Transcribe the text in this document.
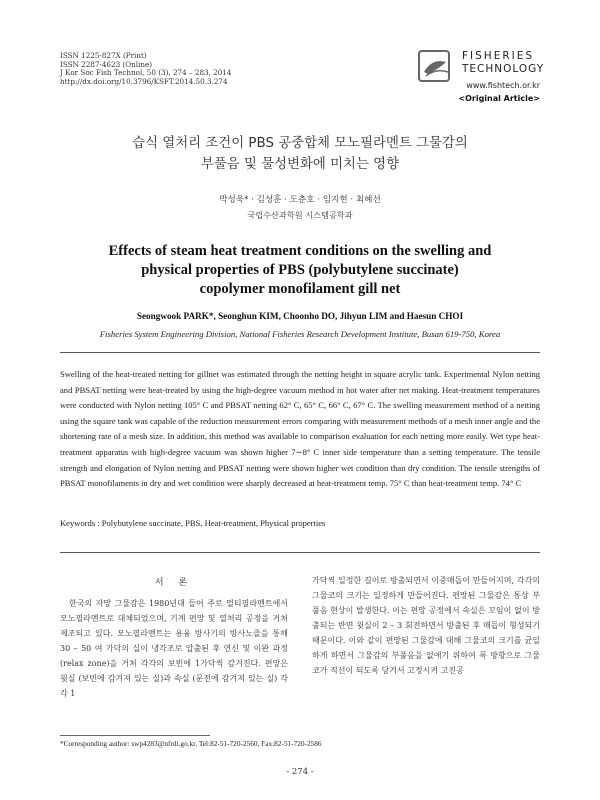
ISSN 1225-827X (Print)
ISSN 2287-4623 (Online)
J Kor Soc Fish Technol, 50 (3), 274 – 283, 2014
http://dx.doi.org/10.3796/KSFT.2014.50.3.274
FISHERIES
TECHNOLOGY
www.fishtech.or.kr
<Original Article>
습식 열처리 조건이 PBS 공중합체 모노필라멘트 그물감의
부풀음 및 물성변화에 미치는 영향
박성욱* · 김성훈 · 도춘호 · 임지현 · 최혜선
국립수산과학원 시스템공학과
Effects of steam heat treatment conditions on the swelling and
physical properties of PBS (polybutylene succinate)
copolymer monofilament gill net
Seongwook PARK*, Seonghun KIM, Choonho DO, Jihyun LIM and Haesun CHOI
Fisheries System Engineering Division, National Fisheries Research Development Institute, Busan 619-750, Korea
Swelling of the heat-treated netting for gillnet was estimated through the netting height in square acrylic tank. Experimental Nylon netting and PBSAT netting were heat-treated by using the high-degree vacuum method in hot water after net making. Heat-treatment temperatures were conducted with Nylon netting 105° C and PBSAT netting 62° C, 65° C, 66° C, 67° C. The swelling measurement method of a netting using the square tank was capable of the reduction measurement errors comparing with measurement methods of a mesh inner angle and the shortening rate of a mesh size. In addition, this method was available to comparison evaluation for each netting more easily. Wet type heat-treatment apparatus with high-degree vacuum was shown higher 7∼8° C inner side temperature than a setting temperature. The tensile strength and elongation of Nylon netting and PBSAT netting were shown higher wet condition than dry condition. The tensile strengths of PBSAT monofilaments in dry and wet condition were sharply decreased at heat-treatment temp. 75° C than heat-treatment temp. 74° C
Keywords : Polybutylene succinate, PBS, Heat-treatment, Physical properties
서 론

한국의 자망 그물감은 1980년대 들어 주로 멀티필라멘트에서 모노필라멘트로 대체되었으며, 기계 편망 및 열처리 공정을 거쳐 제조되고 있다. 모노필라멘트는 용융 방사기의 방사노즐을 통해 30 – 50 여 가닥의 실이 냉각조로 압출된 후 연신 및 이완 과정 (relax zone)을 거쳐 각각의 보빈에 1가닥씩 감겨진다. 편망은 윗실 (보빈에 감겨져 있는 실)과 속실 (문전에 감겨져 있는 실) 각각 1

가닥씩 일정한 길이로 방출되면서 이중매듭이 만들어지며, 각각의 그물코의 크기는 일정하게 만들어진다. 편망된 그물감은 통상 부풀음 현상이 발생한다. 이는 편망 공정에서 속실은 꼬임이 없이 방출되는 반면 윗실이 2 – 3 회전하면서 방출된 후 매듭이 형성되기 때문이다. 이와 같이 편망된 그물감에 대해 그물코의 크기를 균일하게 하면서 그물감의 부풀음을 없애기 위하여 폭 방향으로 그물코가 직선이 되도록 당겨서 고정시켜 고진공

*Corresponding author: swp4283@nfrdi.go.kr, Tel:82-51-720-2560, Fax:82-51-720-2586
- 274 -
